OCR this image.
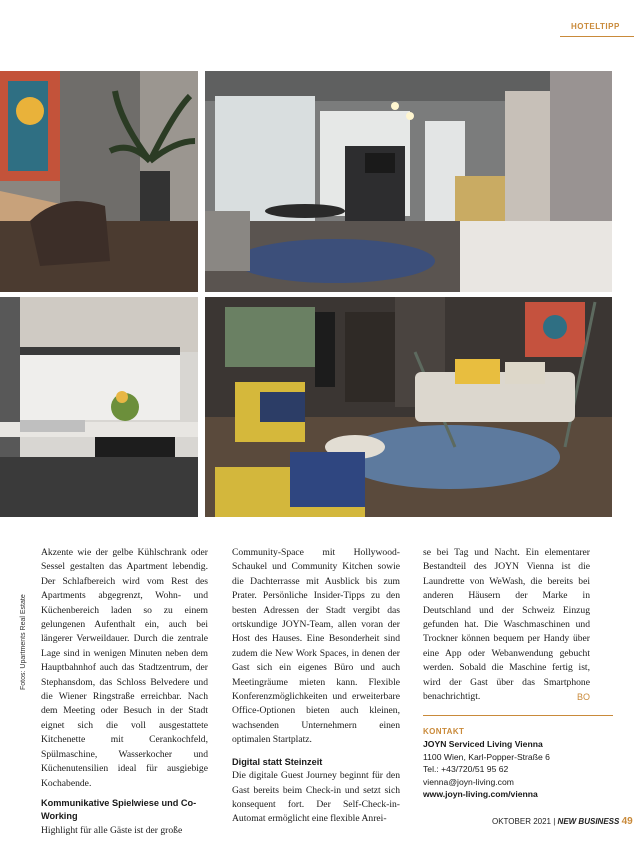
HOTELTIPP
Fotos: Upartments Real Estate

Akzente wie der gelbe Kühlschrank oder Sessel gestalten das Apartment lebendig. Der Schlafbereich wird vom Rest des Apartments abgegrenzt, Wohn- und Küchenbereich laden so zu einem gelungenen Aufenthalt ein, auch bei längerer Verweildauer. Durch die zentrale Lage sind in wenigen Minuten neben dem Hauptbahnhof auch das Stadtzentrum, der Stephansdom, das Schloss Belvedere und die Wiener Ringstraße erreichbar. Nach dem Meeting oder Besuch in der Stadt eignet sich die voll ausgestattete Kitchenette mit Cerankochfeld, Spülmaschine, Wasserkocher und Küchenutensilien ideal für ausgiebige Kochabende.

Kommunikative Spielwiese und Co-Working

Highlight für alle Gäste ist der große

Community-Space mit Hollywood-Schaukel und Community Kitchen sowie die Dachterrasse mit Ausblick bis zum Prater. Persönliche Insider-Tipps zu den besten Adressen der Stadt vergibt das ortskundige JOYN-Team, allen voran der Host des Hauses. Eine Besonderheit sind zudem die New Work Spaces, in denen der Gast sich ein eigenes Büro und auch Meetingräume mieten kann. Flexible Konferenzmöglichkeiten und erweiterbare Office-Optionen bieten auch kleinen, wachsenden Unternehmern einen optimalen Startplatz.

Digital statt Steinzeit

Die digitale Guest Journey beginnt für den Gast bereits beim Check-in und setzt sich konsequent fort. Der Self-Check-in-Automat ermöglicht eine flexible Anrei-

se bei Tag und Nacht. Ein elementarer Bestandteil des JOYN Vienna ist die Laundrette von WeWash, die bereits bei anderen Häusern der Marke in Deutschland und der Schweiz Einzug gefunden hat. Die Waschmaschinen und Trockner können bequem per Handy über eine App oder Webanwendung gebucht werden. Sobald die Maschine fertig ist, wird der Gast über das Smartphone benachrichtigt.	BO

KONTAKT
JOYN Serviced Living Vienna
1100 Wien, Karl-Popper-Straße 6
Tel.: +43/720/51 95 62
vienna@joyn-living.com
www.joyn-living.com/vienna
OKTOBER 2021 | NEW BUSINESS 49
